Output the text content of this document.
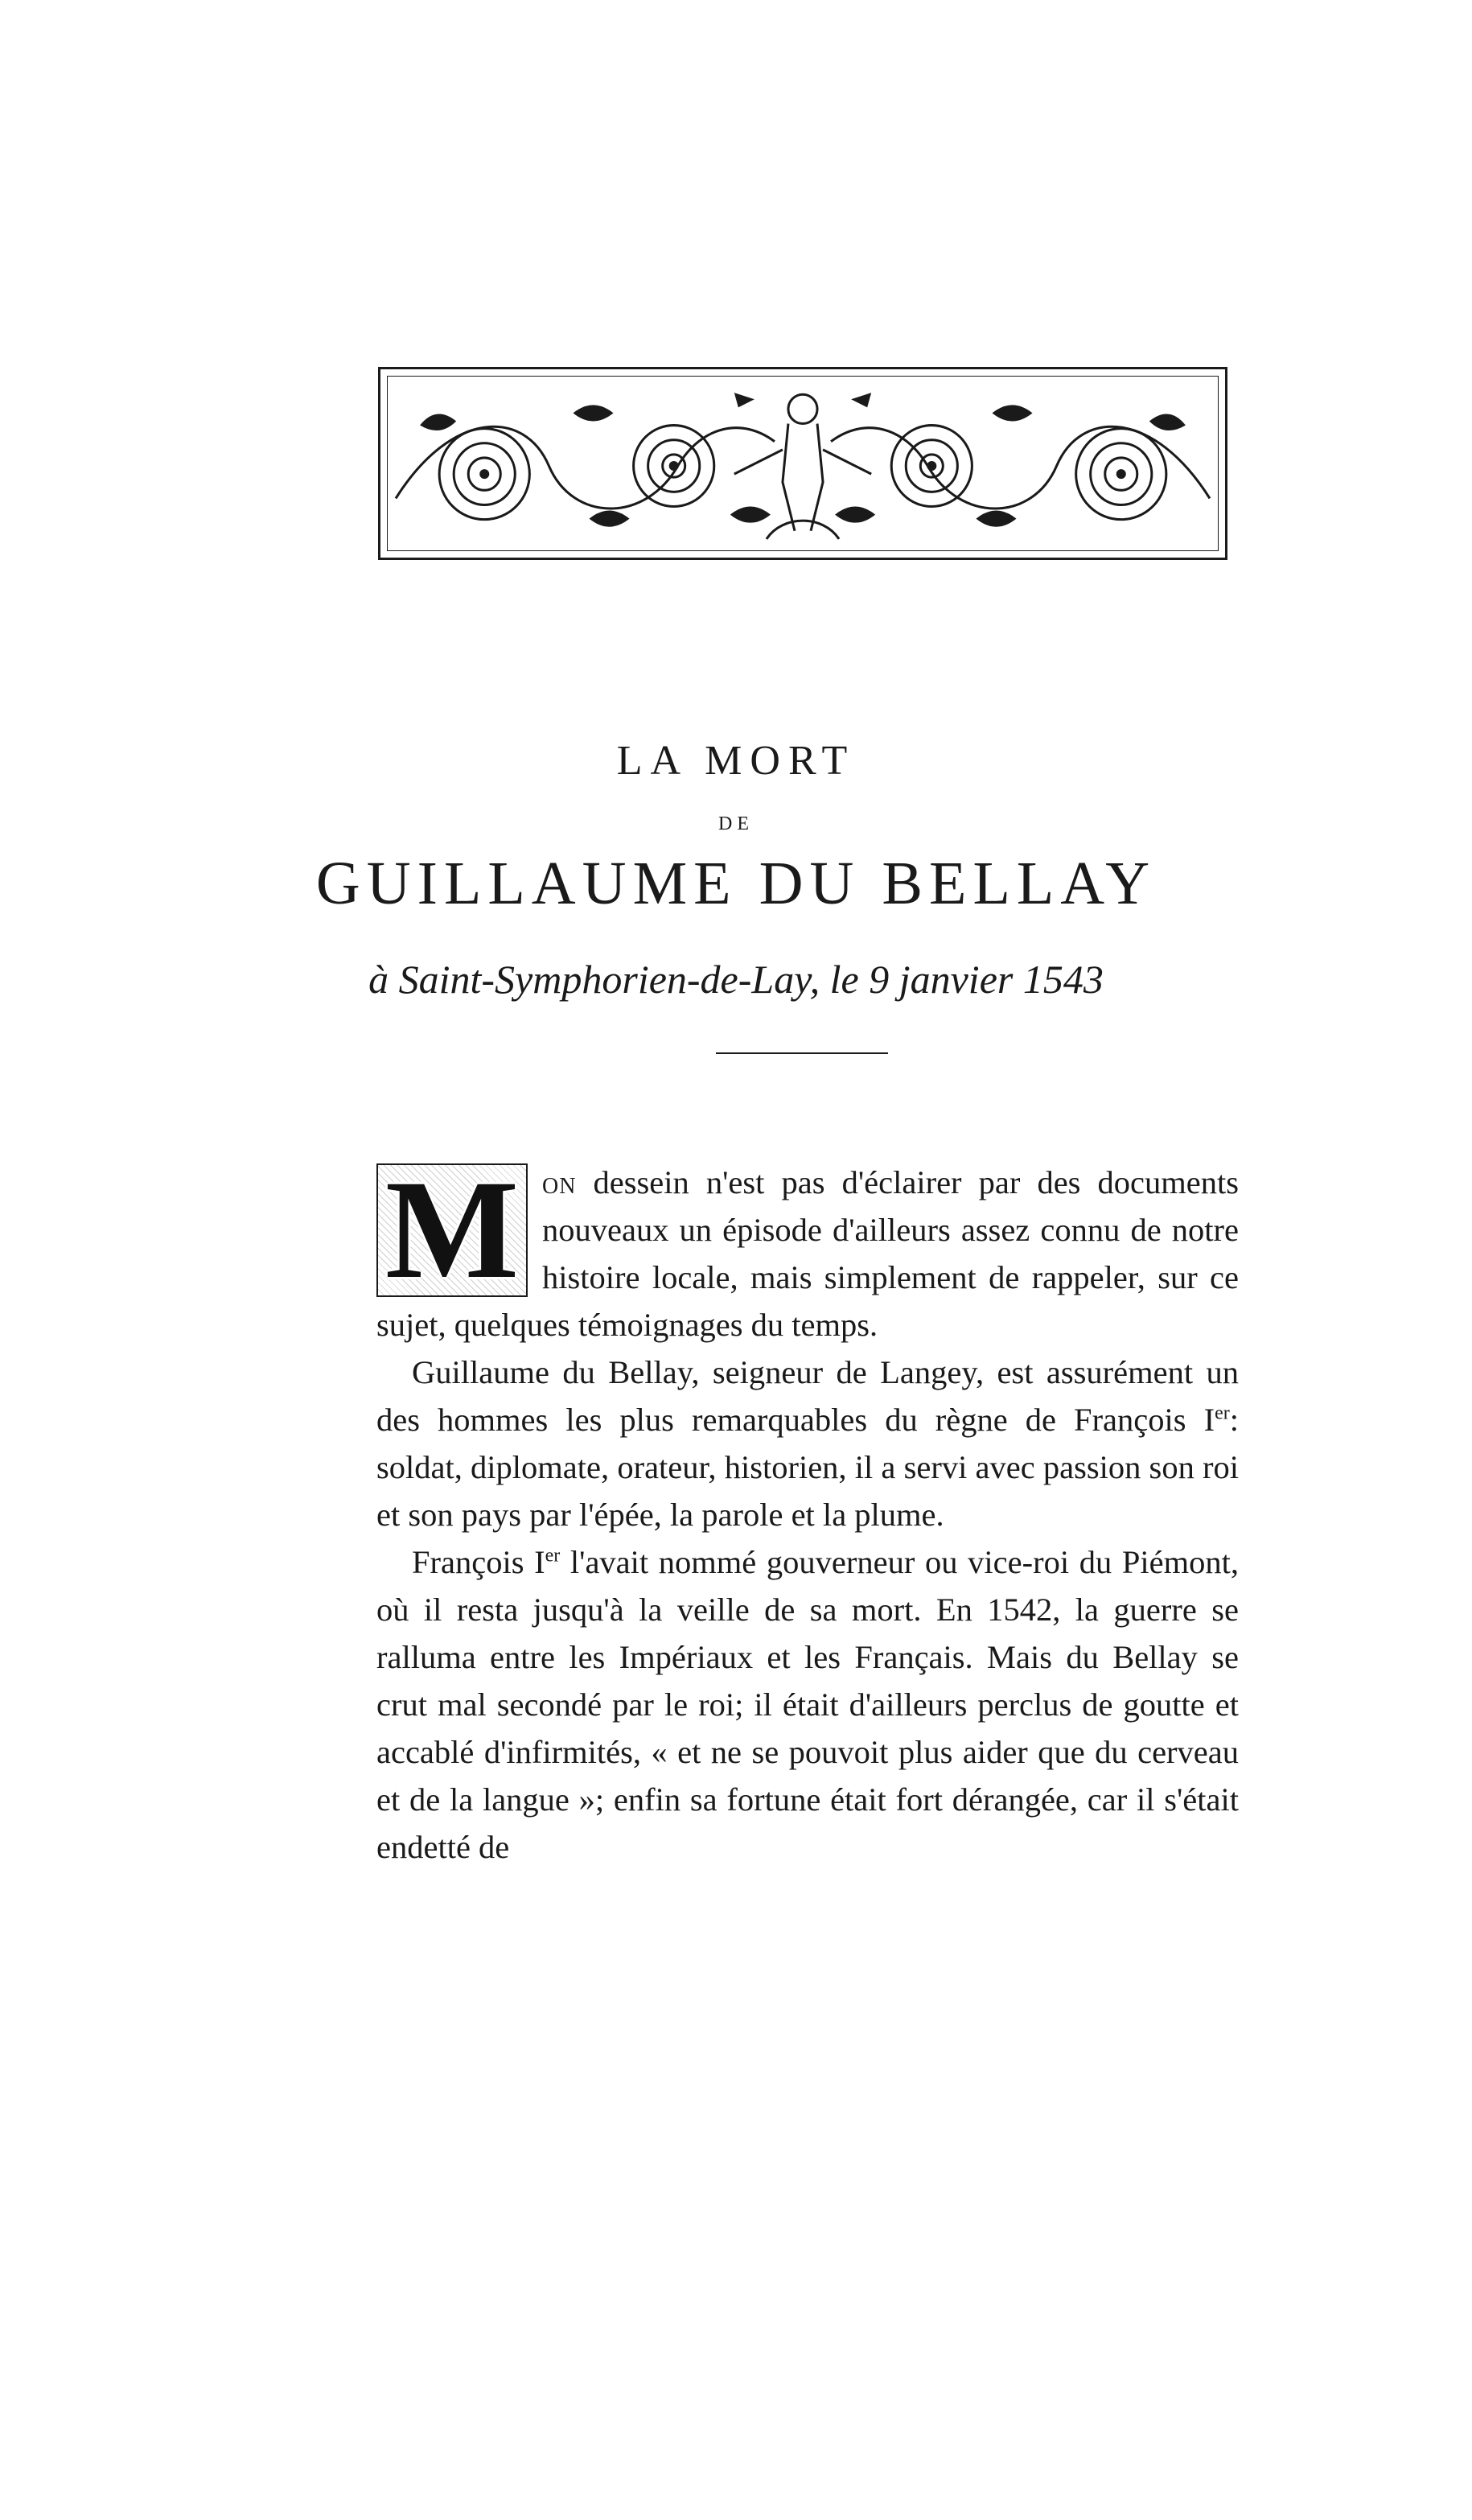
LA MORT
DE
GUILLAUME DU BELLAY
à Saint-Symphorien-de-Lay, le 9 janvier 1543

M on dessein n'est pas d'éclairer par des documents nouveaux un épisode d'ailleurs assez connu de notre histoire locale, mais simplement de rappeler, sur ce sujet, quelques témoignages du temps.

Guillaume du Bellay, seigneur de Langey, est assurément un des hommes les plus remarquables du règne de François Ier: soldat, diplomate, orateur, historien, il a servi avec passion son roi et son pays par l'épée, la parole et la plume.

François Ier l'avait nommé gouverneur ou vice-roi du Piémont, où il resta jusqu'à la veille de sa mort. En 1542, la guerre se ralluma entre les Impériaux et les Français. Mais du Bellay se crut mal secondé par le roi; il était d'ailleurs perclus de goutte et accablé d'infirmités, « et ne se pouvoit plus aider que du cerveau et de la langue »; enfin sa fortune était fort dérangée, car il s'était endetté de
